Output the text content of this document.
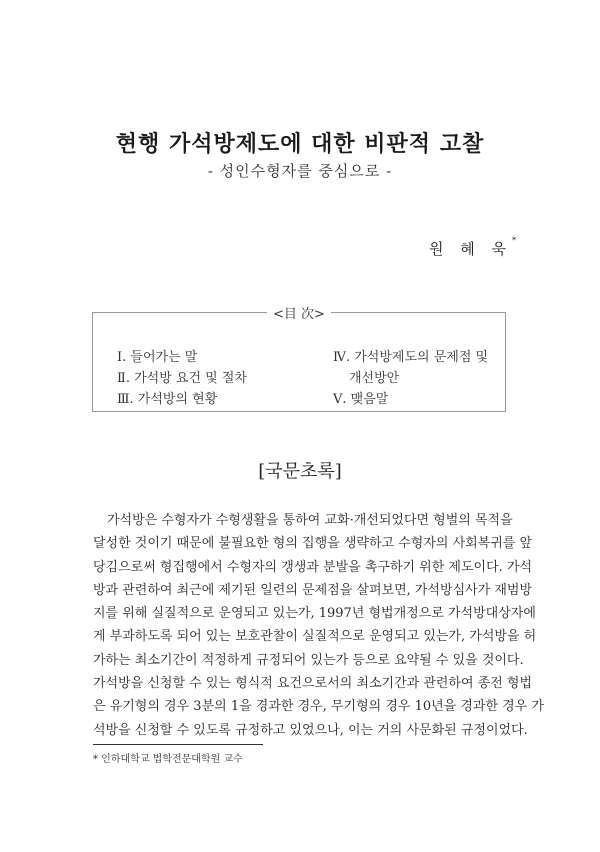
현행 가석방제도에 대한 비판적 고찰
- 성인수형자를 중심으로 -
원 혜 욱*
<目 次>
Ⅰ. 들어가는 말
Ⅱ. 가석방 요건 및 절차
Ⅲ. 가석방의 현황
Ⅳ. 가석방제도의 문제점 및
개선방안
Ⅴ. 맺음말
[국문초록]
가석방은 수형자가 수형생활을 통하여 교화·개선되었다면 형벌의 목적을
달성한 것이기 때문에 불필요한 형의 집행을 생략하고 수형자의 사회복귀를 앞
당김으로써 형집행에서 수형자의 갱생과 분발을 촉구하기 위한 제도이다. 가석
방과 관련하여 최근에 제기된 일련의 문제점을 살펴보면, 가석방심사가 재범방
지를 위해 실질적으로 운영되고 있는가, 1997년 형법개정으로 가석방대상자에
게 부과하도록 되어 있는 보호관찰이 실질적으로 운영되고 있는가, 가석방을 허
가하는 최소기간이 적정하게 규정되어 있는가 등으로 요약될 수 있을 것이다.
가석방을 신청할 수 있는 형식적 요건으로서의 최소기간과 관련하여 종전 형법
은 유기형의 경우 3분의 1을 경과한 경우, 무기형의 경우 10년을 경과한 경우 가
석방을 신청할 수 있도록 규정하고 있었으나, 이는 거의 사문화된 규정이었다.
* 인하대학교 법학전문대학원 교수
